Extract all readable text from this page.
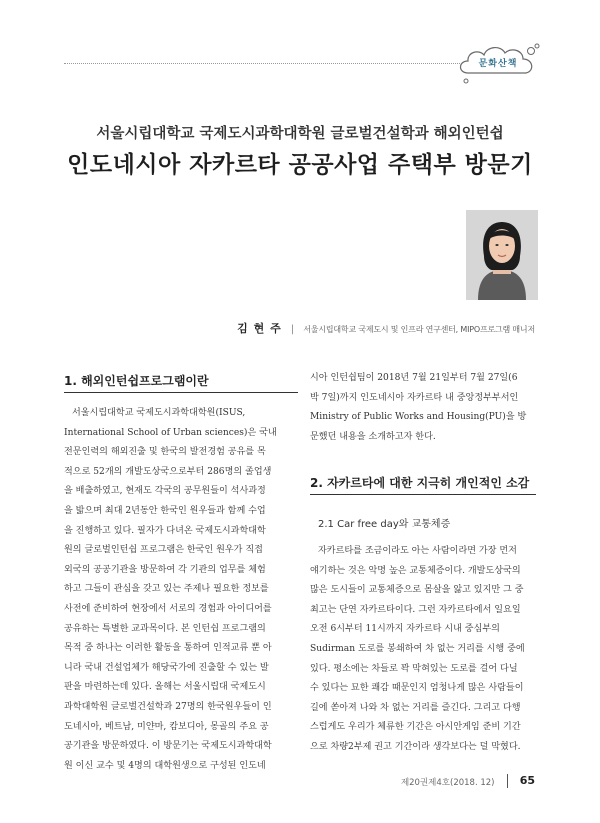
문화산책
서울시립대학교 국제도시과학대학원 글로벌건설학과 해외인턴쉽
인도네시아 자카르타 공공사업 주택부 방문기
김 현 주 | 서울시립대학교 국제도시 및 인프라 연구센터, MIPO프로그램 매니저
1. 해외인턴쉽프로그램이란
서울시립대학교 국제도시과학대학원(ISUS,
International School of Urban sciences)은 국내
전문인력의 해외진출 및 한국의 발전경험 공유를 목
적으로 52개의 개발도상국으로부터 286명의 졸업생
을 배출하였고, 현재도 각국의 공무원들이 석사과정
을 밟으며 최대 2년동안 한국인 원우들과 함께 수업
을 진행하고 있다. 필자가 다녀온 국제도시과학대학
원의 글로벌인턴쉽 프로그램은 한국인 원우가 직접
외국의 공공기관을 방문하여 각 기관의 업무를 체험
하고 그들이 관심을 갖고 있는 주제나 필요한 정보를
사전에 준비하여 현장에서 서로의 경험과 아이디어를
공유하는 특별한 교과목이다. 본 인턴쉽 프로그램의
목적 중 하나는 이러한 활동을 통하여 인적교류 뿐 아
니라 국내 건설업체가 해당국가에 진출할 수 있는 발
판을 마련하는데 있다. 올해는 서울시립대 국제도시
과학대학원 글로벌건설학과 27명의 한국원우들이 인
도네시아, 베트남, 미얀마, 캄보디아, 몽골의 주요 공
공기관을 방문하였다. 이 방문기는 국제도시과학대학
원 이신 교수 및 4명의 대학원생으로 구성된 인도네
시아 인턴쉽팀이 2018년 7월 21일부터 7월 27일(6
박 7일)까지 인도네시아 자카르타 내 중앙정부부서인
Ministry of Public Works and Housing(PU)을 방
문했던 내용을 소개하고자 한다.
2. 자카르타에 대한 지극히 개인적인 소감
2.1 Car free day와 교통체증
자카르타를 조금이라도 아는 사람이라면 가장 먼저
얘기하는 것은 악명 높은 교통체증이다. 개발도상국의
많은 도시들이 교통체증으로 몸살을 앓고 있지만 그 중
최고는 단연 자카르타이다. 그런 자카르타에서 일요일
오전 6시부터 11시까지 자카르타 시내 중심부의
Sudirman 도로를 봉쇄하여 차 없는 거리를 시행 중에
있다. 평소에는 차들로 꽉 막혀있는 도로를 걸어 다닐
수 있다는 묘한 쾌감 때문인지 엄청나게 많은 사람들이
길에 쏟아져 나와 차 없는 거리를 즐긴다. 그리고 다행
스럽게도 우리가 체류한 기간은 아시안게임 준비 기간
으로 차량2부제 권고 기간이라 생각보다는 덜 막혔다.
제20권제4호(2018. 12) 65
